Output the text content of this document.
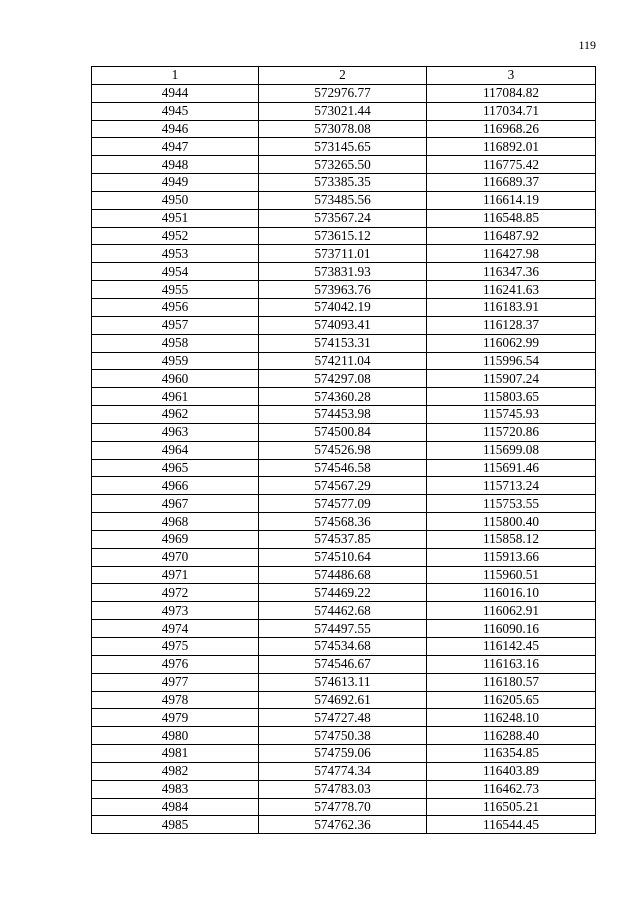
119
1	2	3
4944	572976.77	117084.82
4945	573021.44	117034.71
4946	573078.08	116968.26
4947	573145.65	116892.01
4948	573265.50	116775.42
4949	573385.35	116689.37
4950	573485.56	116614.19
4951	573567.24	116548.85
4952	573615.12	116487.92
4953	573711.01	116427.98
4954	573831.93	116347.36
4955	573963.76	116241.63
4956	574042.19	116183.91
4957	574093.41	116128.37
4958	574153.31	116062.99
4959	574211.04	115996.54
4960	574297.08	115907.24
4961	574360.28	115803.65
4962	574453.98	115745.93
4963	574500.84	115720.86
4964	574526.98	115699.08
4965	574546.58	115691.46
4966	574567.29	115713.24
4967	574577.09	115753.55
4968	574568.36	115800.40
4969	574537.85	115858.12
4970	574510.64	115913.66
4971	574486.68	115960.51
4972	574469.22	116016.10
4973	574462.68	116062.91
4974	574497.55	116090.16
4975	574534.68	116142.45
4976	574546.67	116163.16
4977	574613.11	116180.57
4978	574692.61	116205.65
4979	574727.48	116248.10
4980	574750.38	116288.40
4981	574759.06	116354.85
4982	574774.34	116403.89
4983	574783.03	116462.73
4984	574778.70	116505.21
4985	574762.36	116544.45
